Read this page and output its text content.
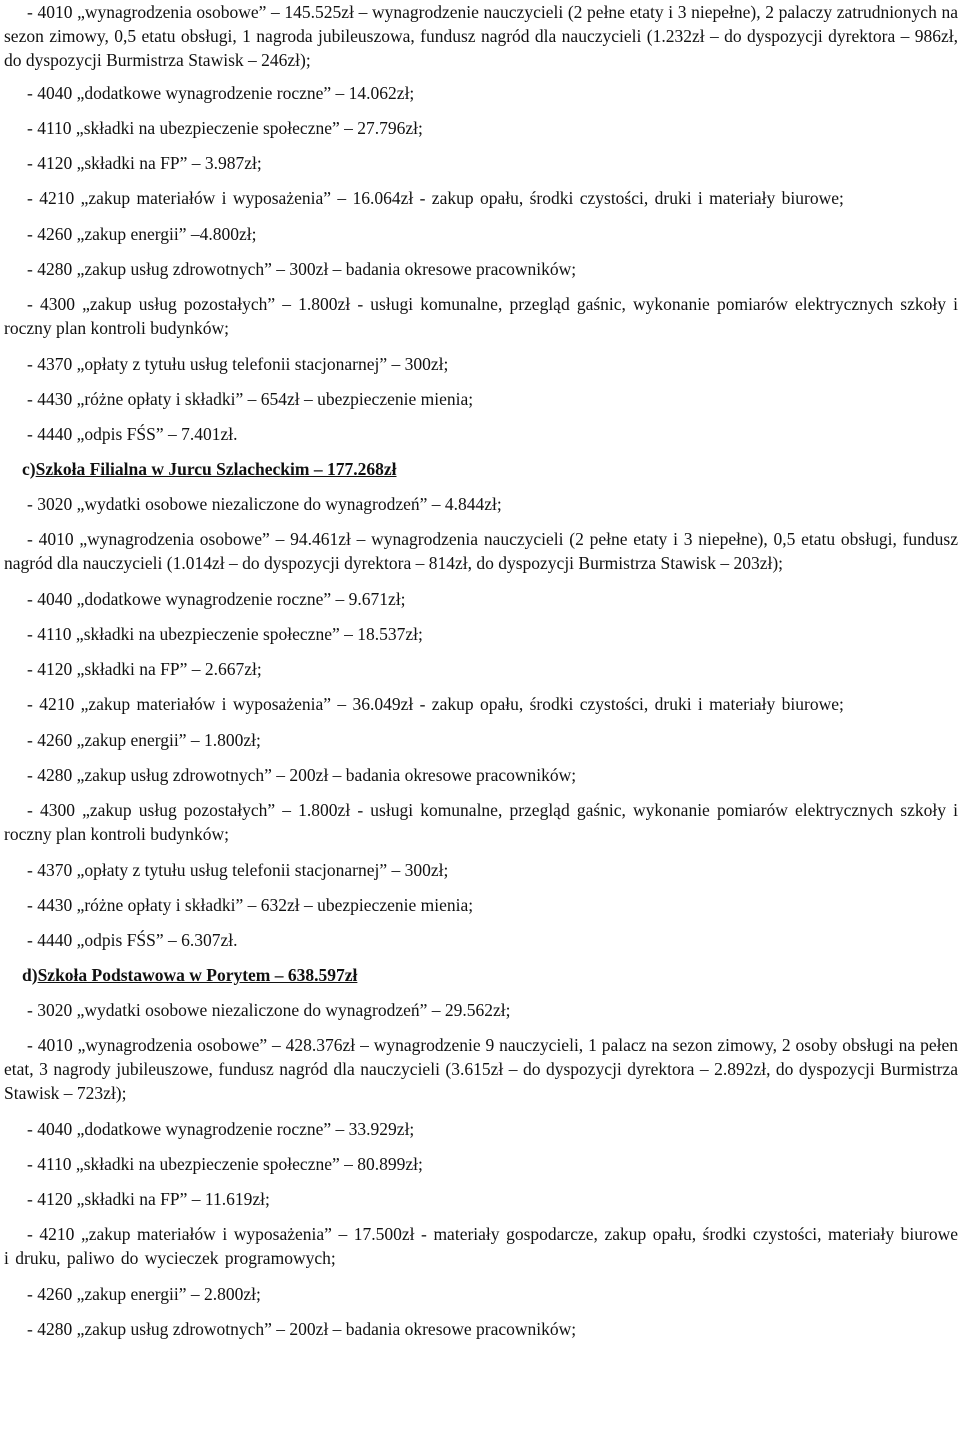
- 4010 „wynagrodzenia osobowe” – 145.525zł – wynagrodzenie nauczycieli (2 pełne etaty i 3 niepełne), 2 palaczy zatrudnionych na sezon zimowy, 0,5 etatu obsługi, 1 nagroda jubileuszowa, fundusz nagród dla nauczycieli (1.232zł – do dyspozycji dyrektora – 986zł, do dyspozycji Burmistrza Stawisk – 246zł);

- 4040 „dodatkowe wynagrodzenie roczne” – 14.062zł;

- 4110 „składki na ubezpieczenie społeczne” – 27.796zł;

- 4120 „składki na FP” – 3.987zł;

- 4210 „zakup materiałów i wyposażenia” – 16.064zł - zakup opału, środki czystości, druki i materiały biurowe;

- 4260 „zakup energii” –4.800zł;

- 4280 „zakup usług zdrowotnych” – 300zł – badania okresowe pracowników;

- 4300 „zakup usług pozostałych” – 1.800zł - usługi komunalne, przegląd gaśnic, wykonanie pomiarów elektrycznych szkoły i roczny plan kontroli budynków;

- 4370 „opłaty z tytułu usług telefonii stacjonarnej” – 300zł;

- 4430 „różne opłaty i składki” – 654zł – ubezpieczenie mienia;

- 4440 „odpis FŚS” – 7.401zł.

c)Szkoła Filialna w Jurcu Szlacheckim – 177.268zł

- 3020 „wydatki osobowe niezaliczone do wynagrodzeń” – 4.844zł;

- 4010 „wynagrodzenia osobowe” – 94.461zł – wynagrodzenia nauczycieli (2 pełne etaty i 3 niepełne), 0,5 etatu obsługi, fundusz nagród dla nauczycieli (1.014zł – do dyspozycji dyrektora – 814zł, do dyspozycji Burmistrza Stawisk – 203zł);

- 4040 „dodatkowe wynagrodzenie roczne” – 9.671zł;

- 4110 „składki na ubezpieczenie społeczne” – 18.537zł;

- 4120 „składki na FP” – 2.667zł;

- 4210 „zakup materiałów i wyposażenia” – 36.049zł - zakup opału, środki czystości, druki i materiały biurowe;

- 4260 „zakup energii” – 1.800zł;

- 4280 „zakup usług zdrowotnych” – 200zł – badania okresowe pracowników;

- 4300 „zakup usług pozostałych” – 1.800zł - usługi komunalne, przegląd gaśnic, wykonanie pomiarów elektrycznych szkoły i roczny plan kontroli budynków;

- 4370 „opłaty z tytułu usług telefonii stacjonarnej” – 300zł;

- 4430 „różne opłaty i składki” – 632zł – ubezpieczenie mienia;

- 4440 „odpis FŚS” – 6.307zł.

d)Szkoła Podstawowa w Porytem – 638.597zł

- 3020 „wydatki osobowe niezaliczone do wynagrodzeń” – 29.562zł;

- 4010 „wynagrodzenia osobowe” – 428.376zł – wynagrodzenie 9 nauczycieli, 1 palacz na sezon zimowy, 2 osoby obsługi na pełen etat, 3 nagrody jubileuszowe, fundusz nagród dla nauczycieli (3.615zł – do dyspozycji dyrektora – 2.892zł, do dyspozycji Burmistrza Stawisk – 723zł);

- 4040 „dodatkowe wynagrodzenie roczne” – 33.929zł;

- 4110 „składki na ubezpieczenie społeczne” – 80.899zł;

- 4120 „składki na FP” – 11.619zł;

- 4210 „zakup materiałów i wyposażenia” – 17.500zł - materiały gospodarcze, zakup opału, środki czystości, materiały biurowe i druku, paliwo do wycieczek programowych;

- 4260 „zakup energii” – 2.800zł;

- 4280 „zakup usług zdrowotnych” – 200zł – badania okresowe pracowników;
